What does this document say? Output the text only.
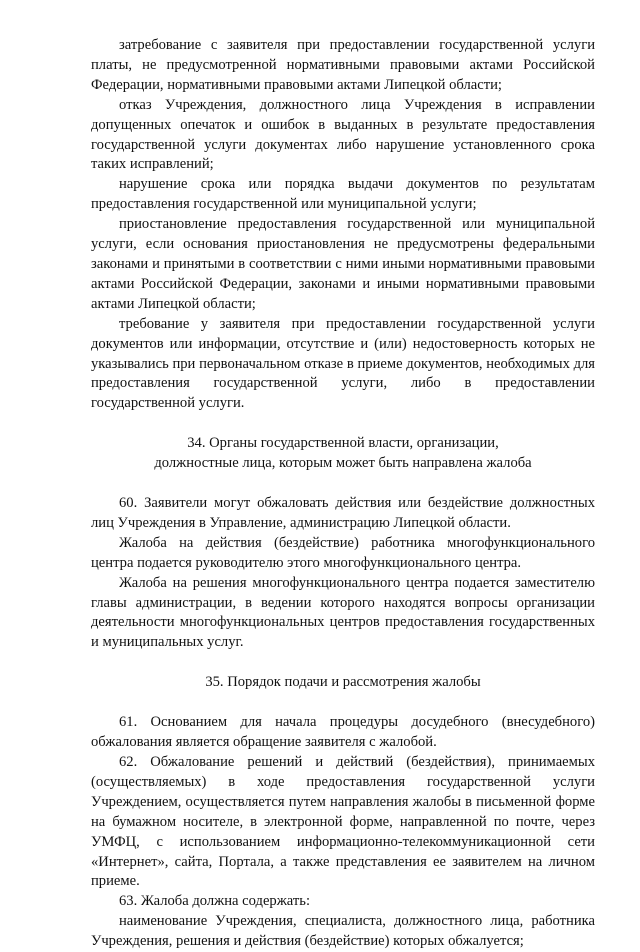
затребование с заявителя при предоставлении государственной услуги платы, не предусмотренной нормативными правовыми актами Российской Федерации, нормативными правовыми актами Липецкой области;

отказ Учреждения, должностного лица Учреждения в исправлении допущенных опечаток и ошибок в выданных в результате предоставления государственной услуги документах либо нарушение установленного срока таких исправлений;

нарушение срока или порядка выдачи документов по результатам предоставления государственной или муниципальной услуги;

приостановление предоставления государственной или муниципальной услуги, если основания приостановления не предусмотрены федеральными законами и принятыми в соответствии с ними иными нормативными правовыми актами Российской Федерации, законами и иными нормативными правовыми актами Липецкой области;

требование у заявителя при предоставлении государственной услуги документов или информации, отсутствие и (или) недостоверность которых не указывались при первоначальном отказе в приеме документов, необходимых для предоставления государственной услуги, либо в предоставлении государственной услуги.

34. Органы государственной власти, организации,

должностные лица, которым может быть направлена жалоба

60. Заявители могут обжаловать действия или бездействие должностных лиц Учреждения в Управление, администрацию Липецкой области.

Жалоба на действия (бездействие) работника многофункционального центра подается руководителю этого многофункционального центра.

Жалоба на решения многофункционального центра подается заместителю главы администрации, в ведении которого находятся вопросы организации деятельности многофункциональных центров предоставления государственных и муниципальных услуг.

35. Порядок подачи и рассмотрения жалобы

61. Основанием для начала процедуры досудебного (внесудебного) обжалования является обращение заявителя с жалобой.

62. Обжалование решений и действий (бездействия), принимаемых (осуществляемых) в ходе предоставления государственной услуги Учреждением, осуществляется путем направления жалобы в письменной форме на бумажном носителе, в электронной форме, направленной по почте, через УМФЦ, с использованием информационно-телекоммуникационной сети «Интернет», сайта, Портала, а также представления ее заявителем на личном приеме.

63. Жалоба должна содержать:

наименование Учреждения, специалиста, должностного лица, работника Учреждения, решения и действия (бездействие) которых обжалуется;
